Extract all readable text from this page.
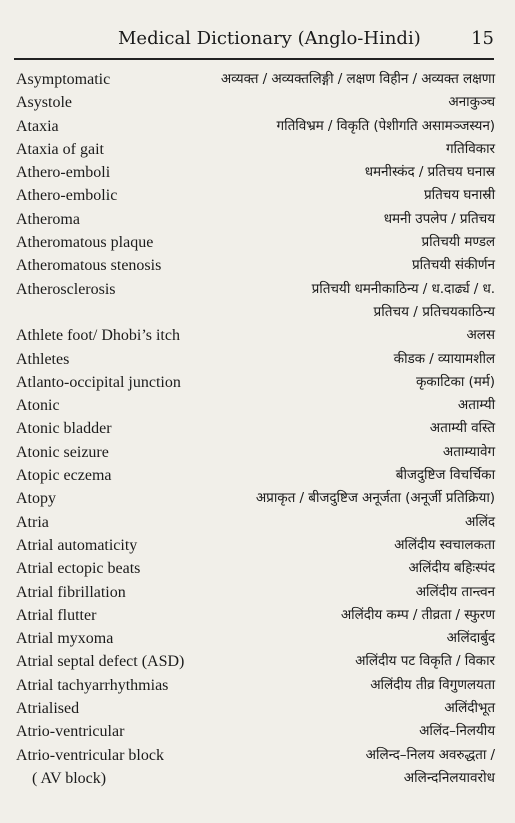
Medical Dictionary (Anglo-Hindi)	15
Asymptomatic	अव्यक्त / अव्यक्तलिङ्गी / लक्षण विहीन / अव्यक्त लक्षणा
Asystole	अनाकुञ्च
Ataxia	गतिविभ्रम / विकृति (पेशीगति असामञ्जस्यन)
Ataxia of gait	गतिविकार
Athero-emboli	धमनीस्कंद / प्रतिचय घनास्र
Athero-embolic	प्रतिचय घनास्री
Atheroma	धमनी उपलेप / प्रतिचय
Atheromatous plaque	प्रतिचयी मण्डल
Atheromatous stenosis	प्रतिचयी संकीर्णन
Atherosclerosis	प्रतिचयी धमनीकाठिन्य / ध.दार्ढ्य / ध.
प्रतिचय / प्रतिचयकाठिन्य
Athlete foot/ Dhobi’s itch	अलस
Athletes	कीडक / व्यायामशील
Atlanto-occipital junction	कृकाटिका (मर्म)
Atonic	अताम्यी
Atonic bladder	अताम्यी वस्ति
Atonic seizure	अताम्यावेग
Atopic eczema	बीजदुष्टिज विचर्चिका
Atopy	अप्राकृत / बीजदुष्टिज अनूर्जता (अनूर्जी प्रतिक्रिया)
Atria	अलिंद
Atrial automaticity	अलिंदीय स्वचालकता
Atrial ectopic beats	अलिंदीय बहिःस्पंद
Atrial fibrillation	अलिंदीय तान्त्वन
Atrial flutter	अलिंदीय कम्प / तीव्रता / स्फुरण
Atrial myxoma	अलिंदार्बुद
Atrial septal defect (ASD)	अलिंदीय पट विकृति / विकार
Atrial tachyarrhythmias	अलिंदीय तीव्र विगुणलयता
Atrialised	अलिंदीभूत
Atrio-ventricular	अलिंद–निलयीय
Atrio-ventricular block	अलिन्द–निलय अवरुद्धता /
( AV block)	अलिन्दनिलयावरोध
